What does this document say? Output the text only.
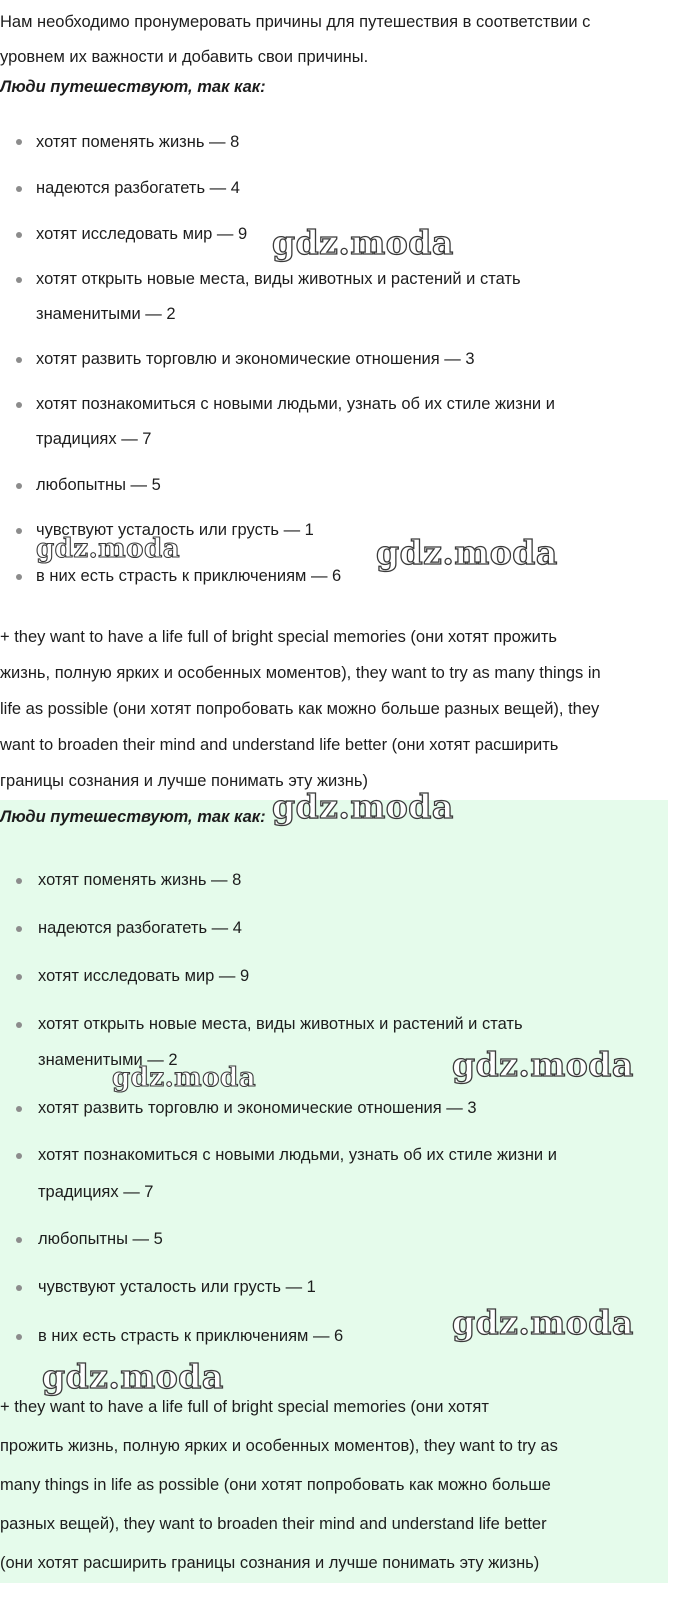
Нам необходимо пронумеровать причины для путешествия в соответствии с
уровнем их важности и добавить свои причины.
Люди путешествуют, так как:
хотят поменять жизнь — 8
надеются разбогатеть — 4
хотят исследовать мир — 9
хотят открыть новые места, виды животных и растений и стать
знаменитыми — 2
хотят развить торговлю и экономические отношения — 3
хотят познакомиться с новыми людьми, узнать об их стиле жизни и
традициях — 7
любопытны — 5
чувствуют усталость или грусть — 1
в них есть страсть к приключениям — 6
+ they want to have a life full of bright special memories (они хотят прожить
жизнь, полную ярких и особенных моментов), they want to try as many things in
life as possible (они хотят попробовать как можно больше разных вещей), they
want to broaden their mind and understand life better (они хотят расширить
границы сознания и лучше понимать эту жизнь)
Люди путешествуют, так как:
хотят поменять жизнь — 8
надеются разбогатеть — 4
хотят исследовать мир — 9
хотят открыть новые места, виды животных и растений и стать
знаменитыми — 2
хотят развить торговлю и экономические отношения — 3
хотят познакомиться с новыми людьми, узнать об их стиле жизни и
традициях — 7
любопытны — 5
чувствуют усталость или грусть — 1
в них есть страсть к приключениям — 6
+ they want to have a life full of bright special memories (они хотят
прожить жизнь, полную ярких и особенных моментов), they want to try as
many things in life as possible (они хотят попробовать как можно больше
разных вещей), they want to broaden their mind and understand life better
(они хотят расширить границы сознания и лучше понимать эту жизнь)
gdz.moda
gdz.moda	gdz.moda
gdz.moda
gdz.moda	gdz.moda
gdz.moda
gdz.moda
